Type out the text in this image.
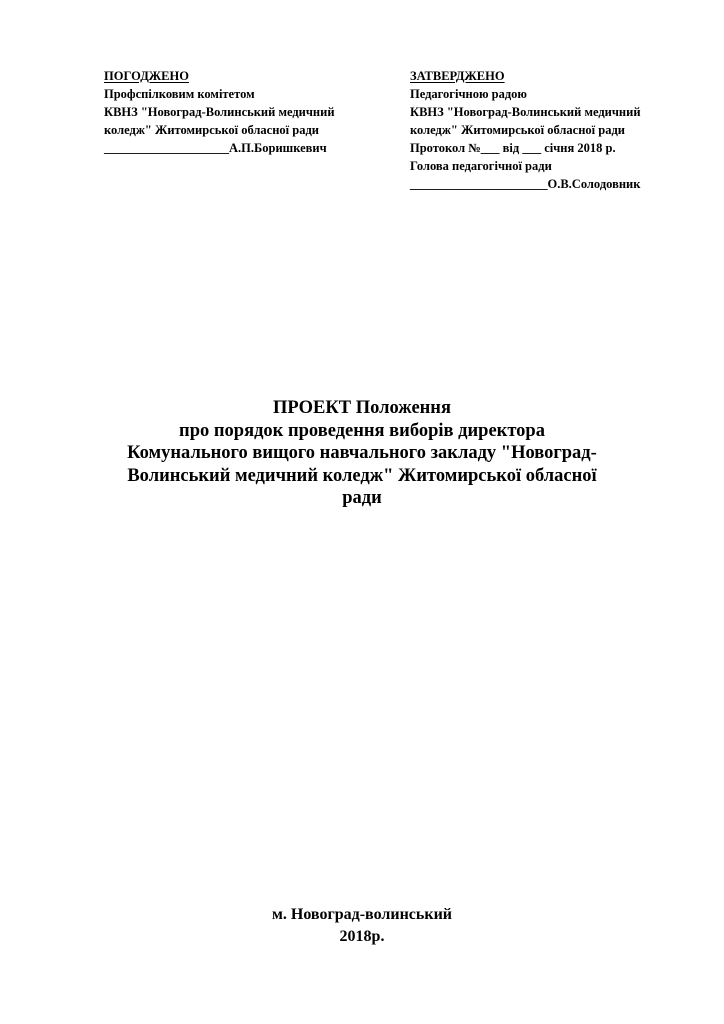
ПОГОДЖЕНО
Профспілковим комітетом
КВНЗ "Новоград-Волинський медичний
коледж" Житомирської обласної ради
____________________А.П.Боришкевич
ЗАТВЕРДЖЕНО
Педагогічною радою
КВНЗ "Новоград-Волинський медичний
коледж" Житомирської обласної ради
Протокол №___ від ___ січня 2018 р.
Голова педагогічної ради
______________________О.В.Солодовник
ПРОЕКТ Положення
про порядок проведення виборів директора
Комунального вищого навчального закладу "Новоград-
Волинський медичний коледж" Житомирської обласної
ради
м. Новоград-волинський
2018р.
